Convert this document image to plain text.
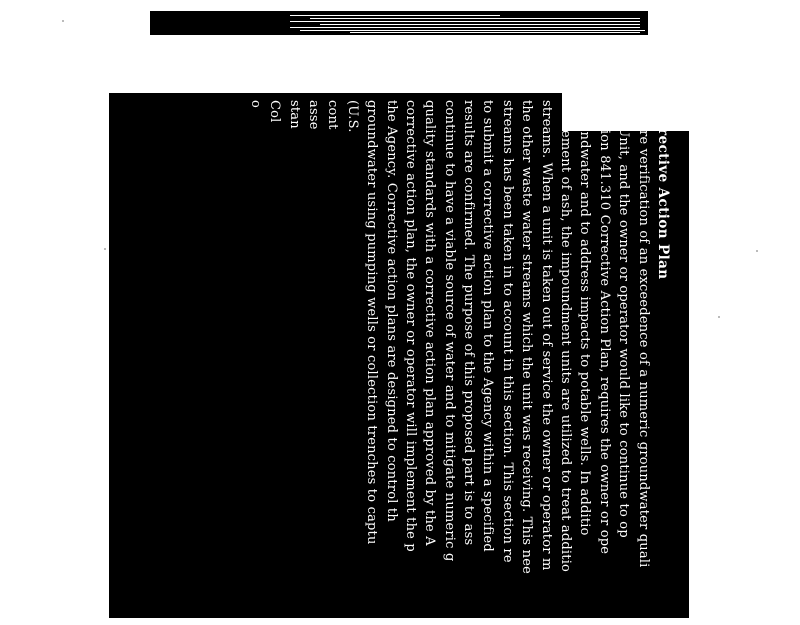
Corrective Action Plan
Where verification of an exceedence of a numeric groundwater quali
the Unit, and the owner or operator would like to continue to op
Section 841.310 Corrective Action Plan, requires the owner or ope
groundwater and to address impacts to potable wells. In additio
settlement of ash, the impoundment units are utilized to treat additio
streams. When a unit is taken out of service the owner or operator m
the other waste water streams which the unit was receiving. This nee
streams has been taken in to account in this section. This section re
to submit a corrective action plan to the Agency within a specified
results are confirmed. The purpose of this proposed part is to ass
continue to have a viable source of water and to mitigate numeric g
quality standards with a corrective action plan approved by the A
corrective action plan, the owner or operator will implement the p
the Agency. Corrective action plans are designed to control th
groundwater using pumping wells or collection trenches to captu
(U.S.
cont
asse
stan
Col
o
